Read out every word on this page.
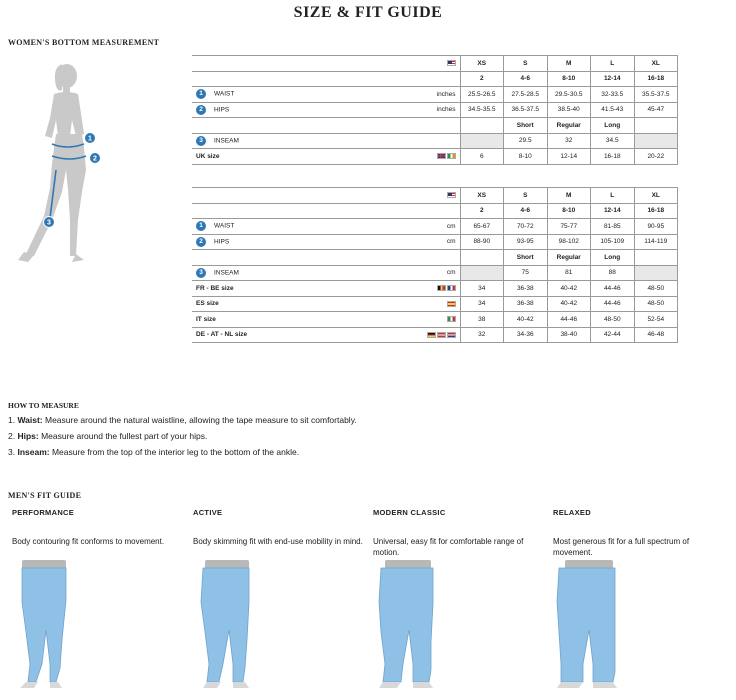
SIZE & FIT GUIDE
WOMEN'S BOTTOM MEASUREMENT
1
2
3
		XS	S	M	L	XL
		2	4-6	8-10	12-14	16-18
1 WAIST	inches	25.5-26.5	27.5-28.5	29.5-30.5	32-33.5	35.5-37.5
2 HIPS	inches	34.5-35.5	36.5-37.5	38.5-40	41.5-43	45-47
			Short	Regular	Long	
3 INSEAM			29.5	32	34.5	
UK size		6	8-10	12-14	16-18	20-22
		XS	S	M	L	XL
		2	4-6	8-10	12-14	16-18
1 WAIST	cm	65-67	70-72	75-77	81-85	90-95
2 HIPS	cm	88-90	93-95	98-102	105-109	114-119
			Short	Regular	Long	
3 INSEAM	cm		75	81	88	
FR - BE size		34	36-38	40-42	44-46	48-50
ES size		34	36-38	40-42	44-46	48-50
IT size		38	40-42	44-46	48-50	52-54
DE - AT - NL size		32	34-36	38-40	42-44	46-48
HOW TO MEASURE

1. Waist: Measure around the natural waistline, allowing the tape measure to sit comfortably.

2. Hips: Measure around the fullest part of your hips.

3. Inseam: Measure from the top of the interior leg to the bottom of the ankle.

MEN'S FIT GUIDE
PERFORMANCE
Body contouring fit conforms to movement.
ACTIVE
Body skimming fit with end-use mobility in mind.
MODERN CLASSIC
Universal, easy fit for comfortable range of motion.
RELAXED
Most generous fit for a full spectrum of movement.
